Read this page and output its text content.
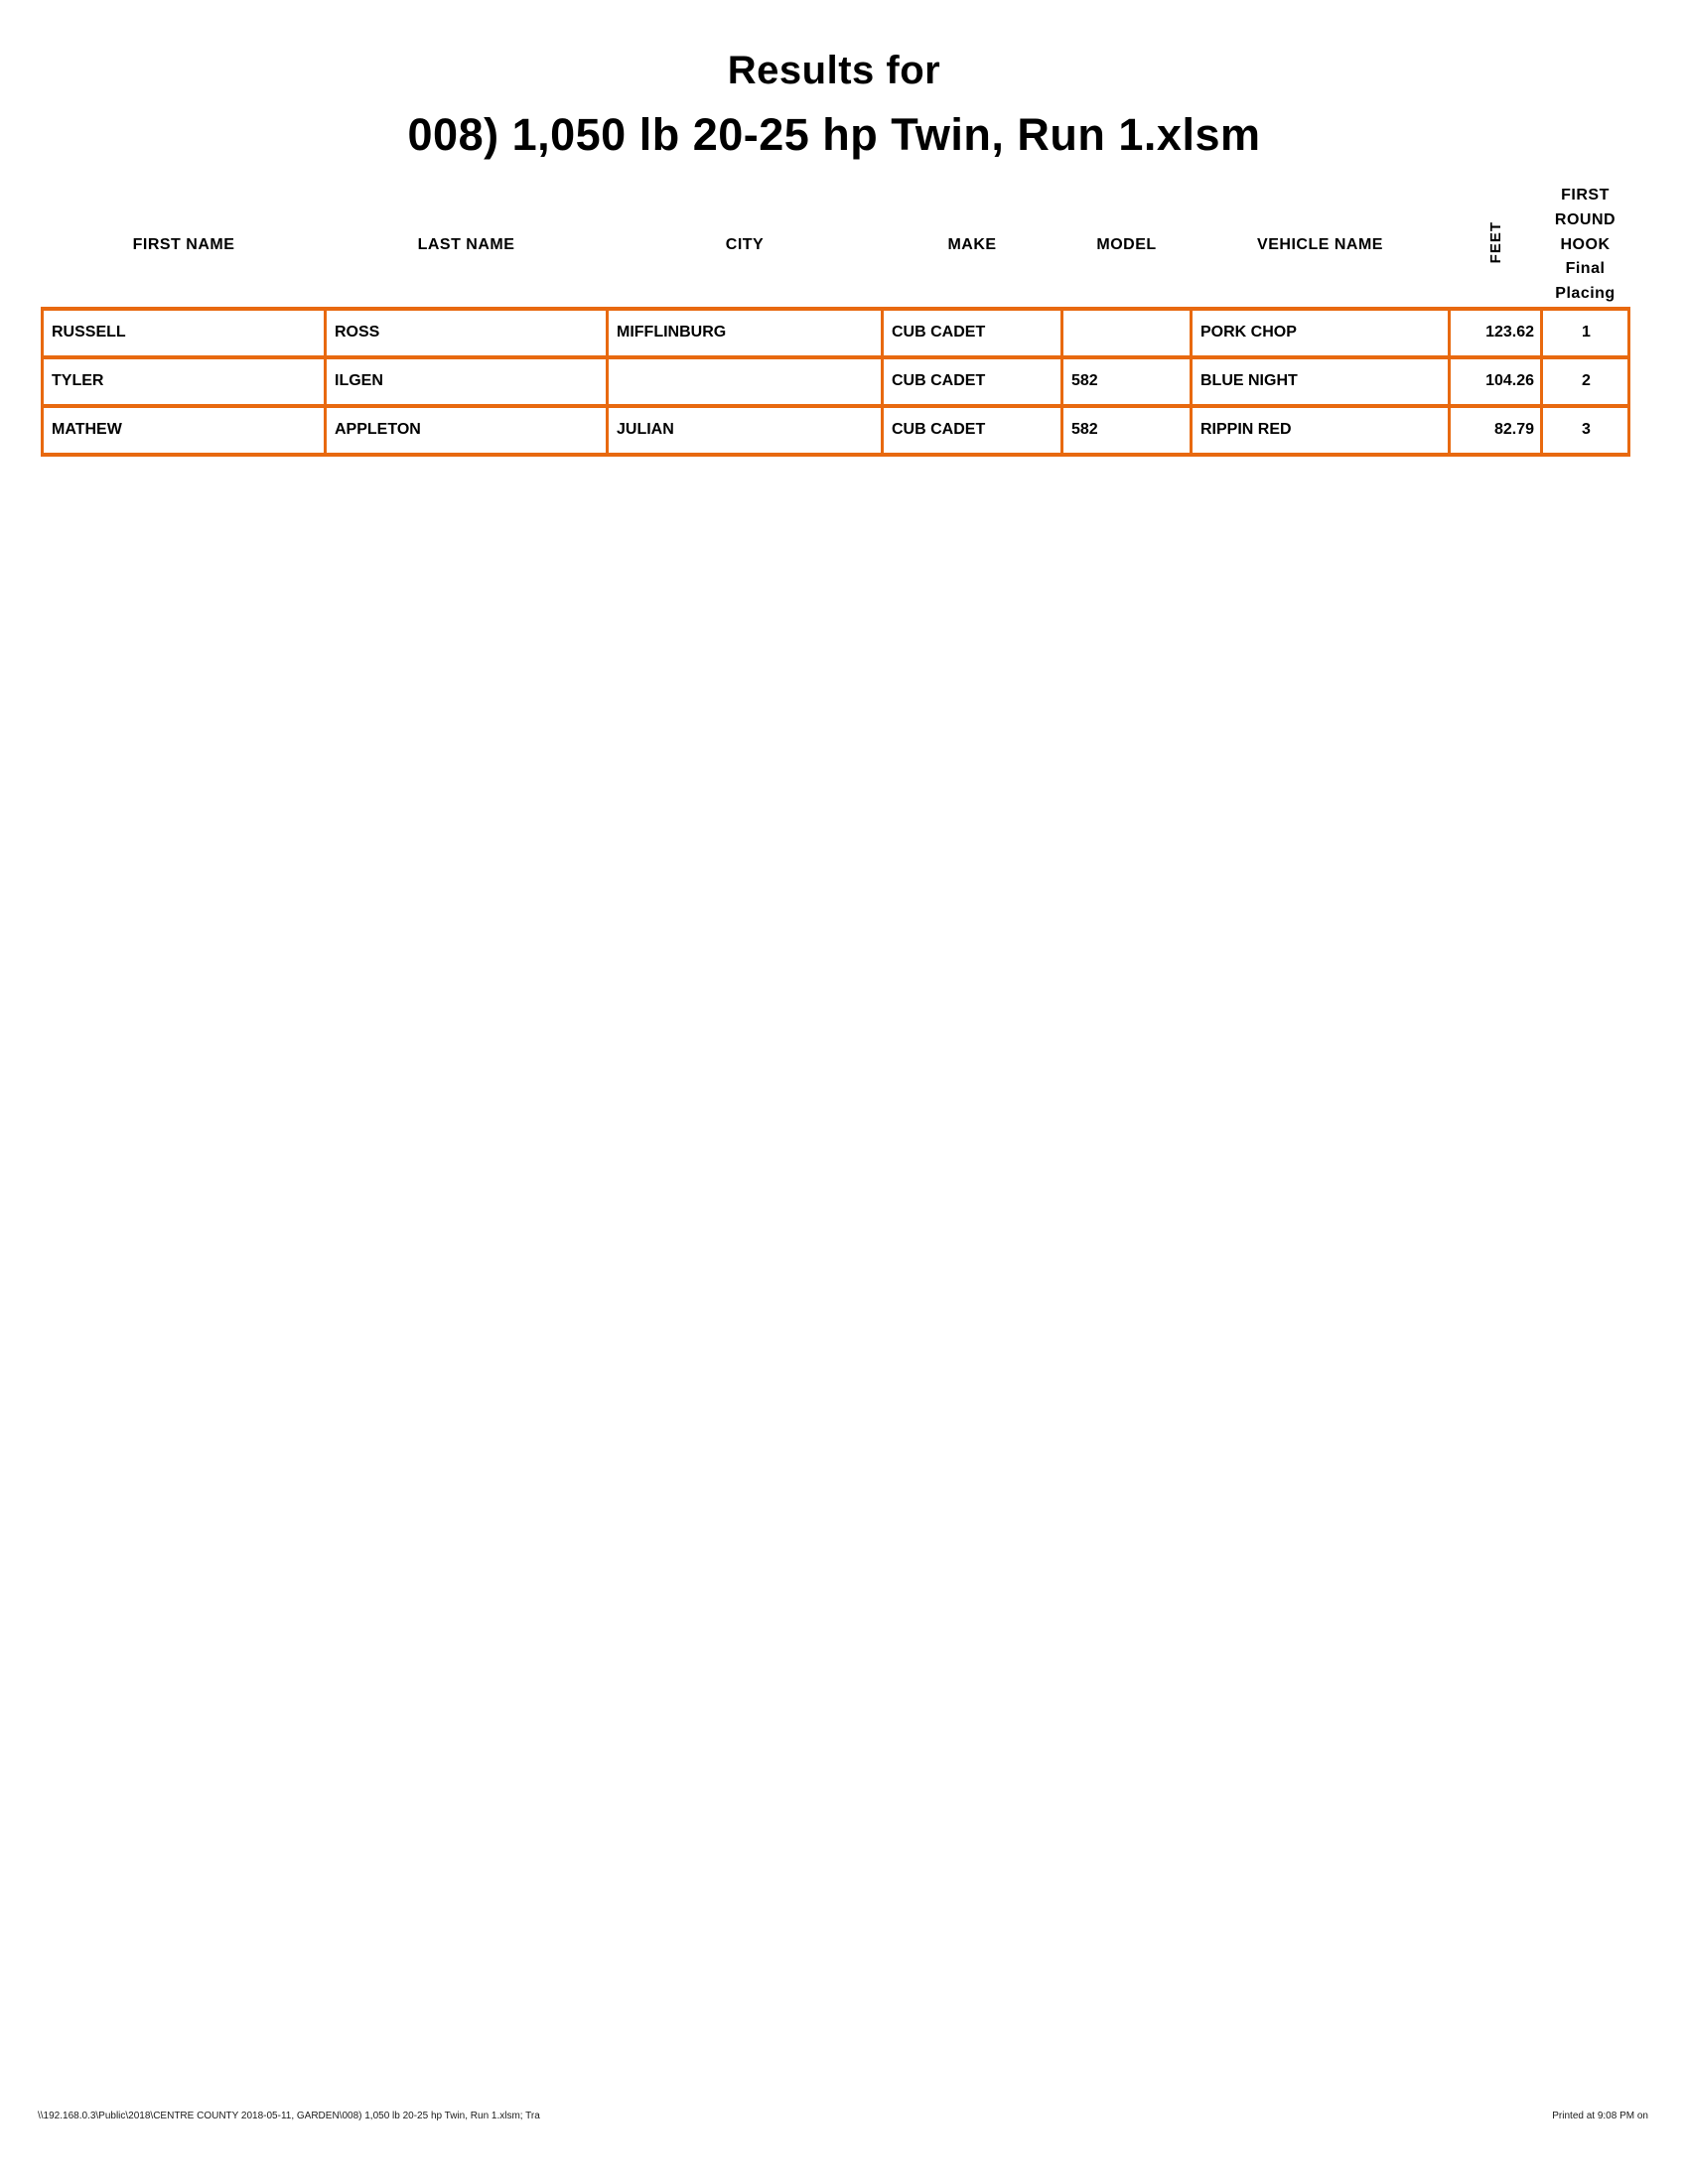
Results for
008) 1,050 lb 20-25 hp Twin, Run 1.xlsm
FIRST NAME	LAST NAME	CITY	MAKE	MODEL	VEHICLE NAME	FEET	FIRST ROUND
HOOK
Final Placing

RUSSELL	ROSS	MIFFLINBURG	CUB CADET		PORK CHOP	123.62	1
TYLER	ILGEN		CUB CADET	582	BLUE NIGHT	104.26	2
MATHEW	APPLETON	JULIAN	CUB CADET	582	RIPPIN RED	82.79	3
\\192.168.0.3\Public\2018\CENTRE COUNTY 2018-05-11, GARDEN\008) 1,050 lb 20-25 hp Twin, Run 1.xlsm; Tra	Printed at 9:08 PM on
